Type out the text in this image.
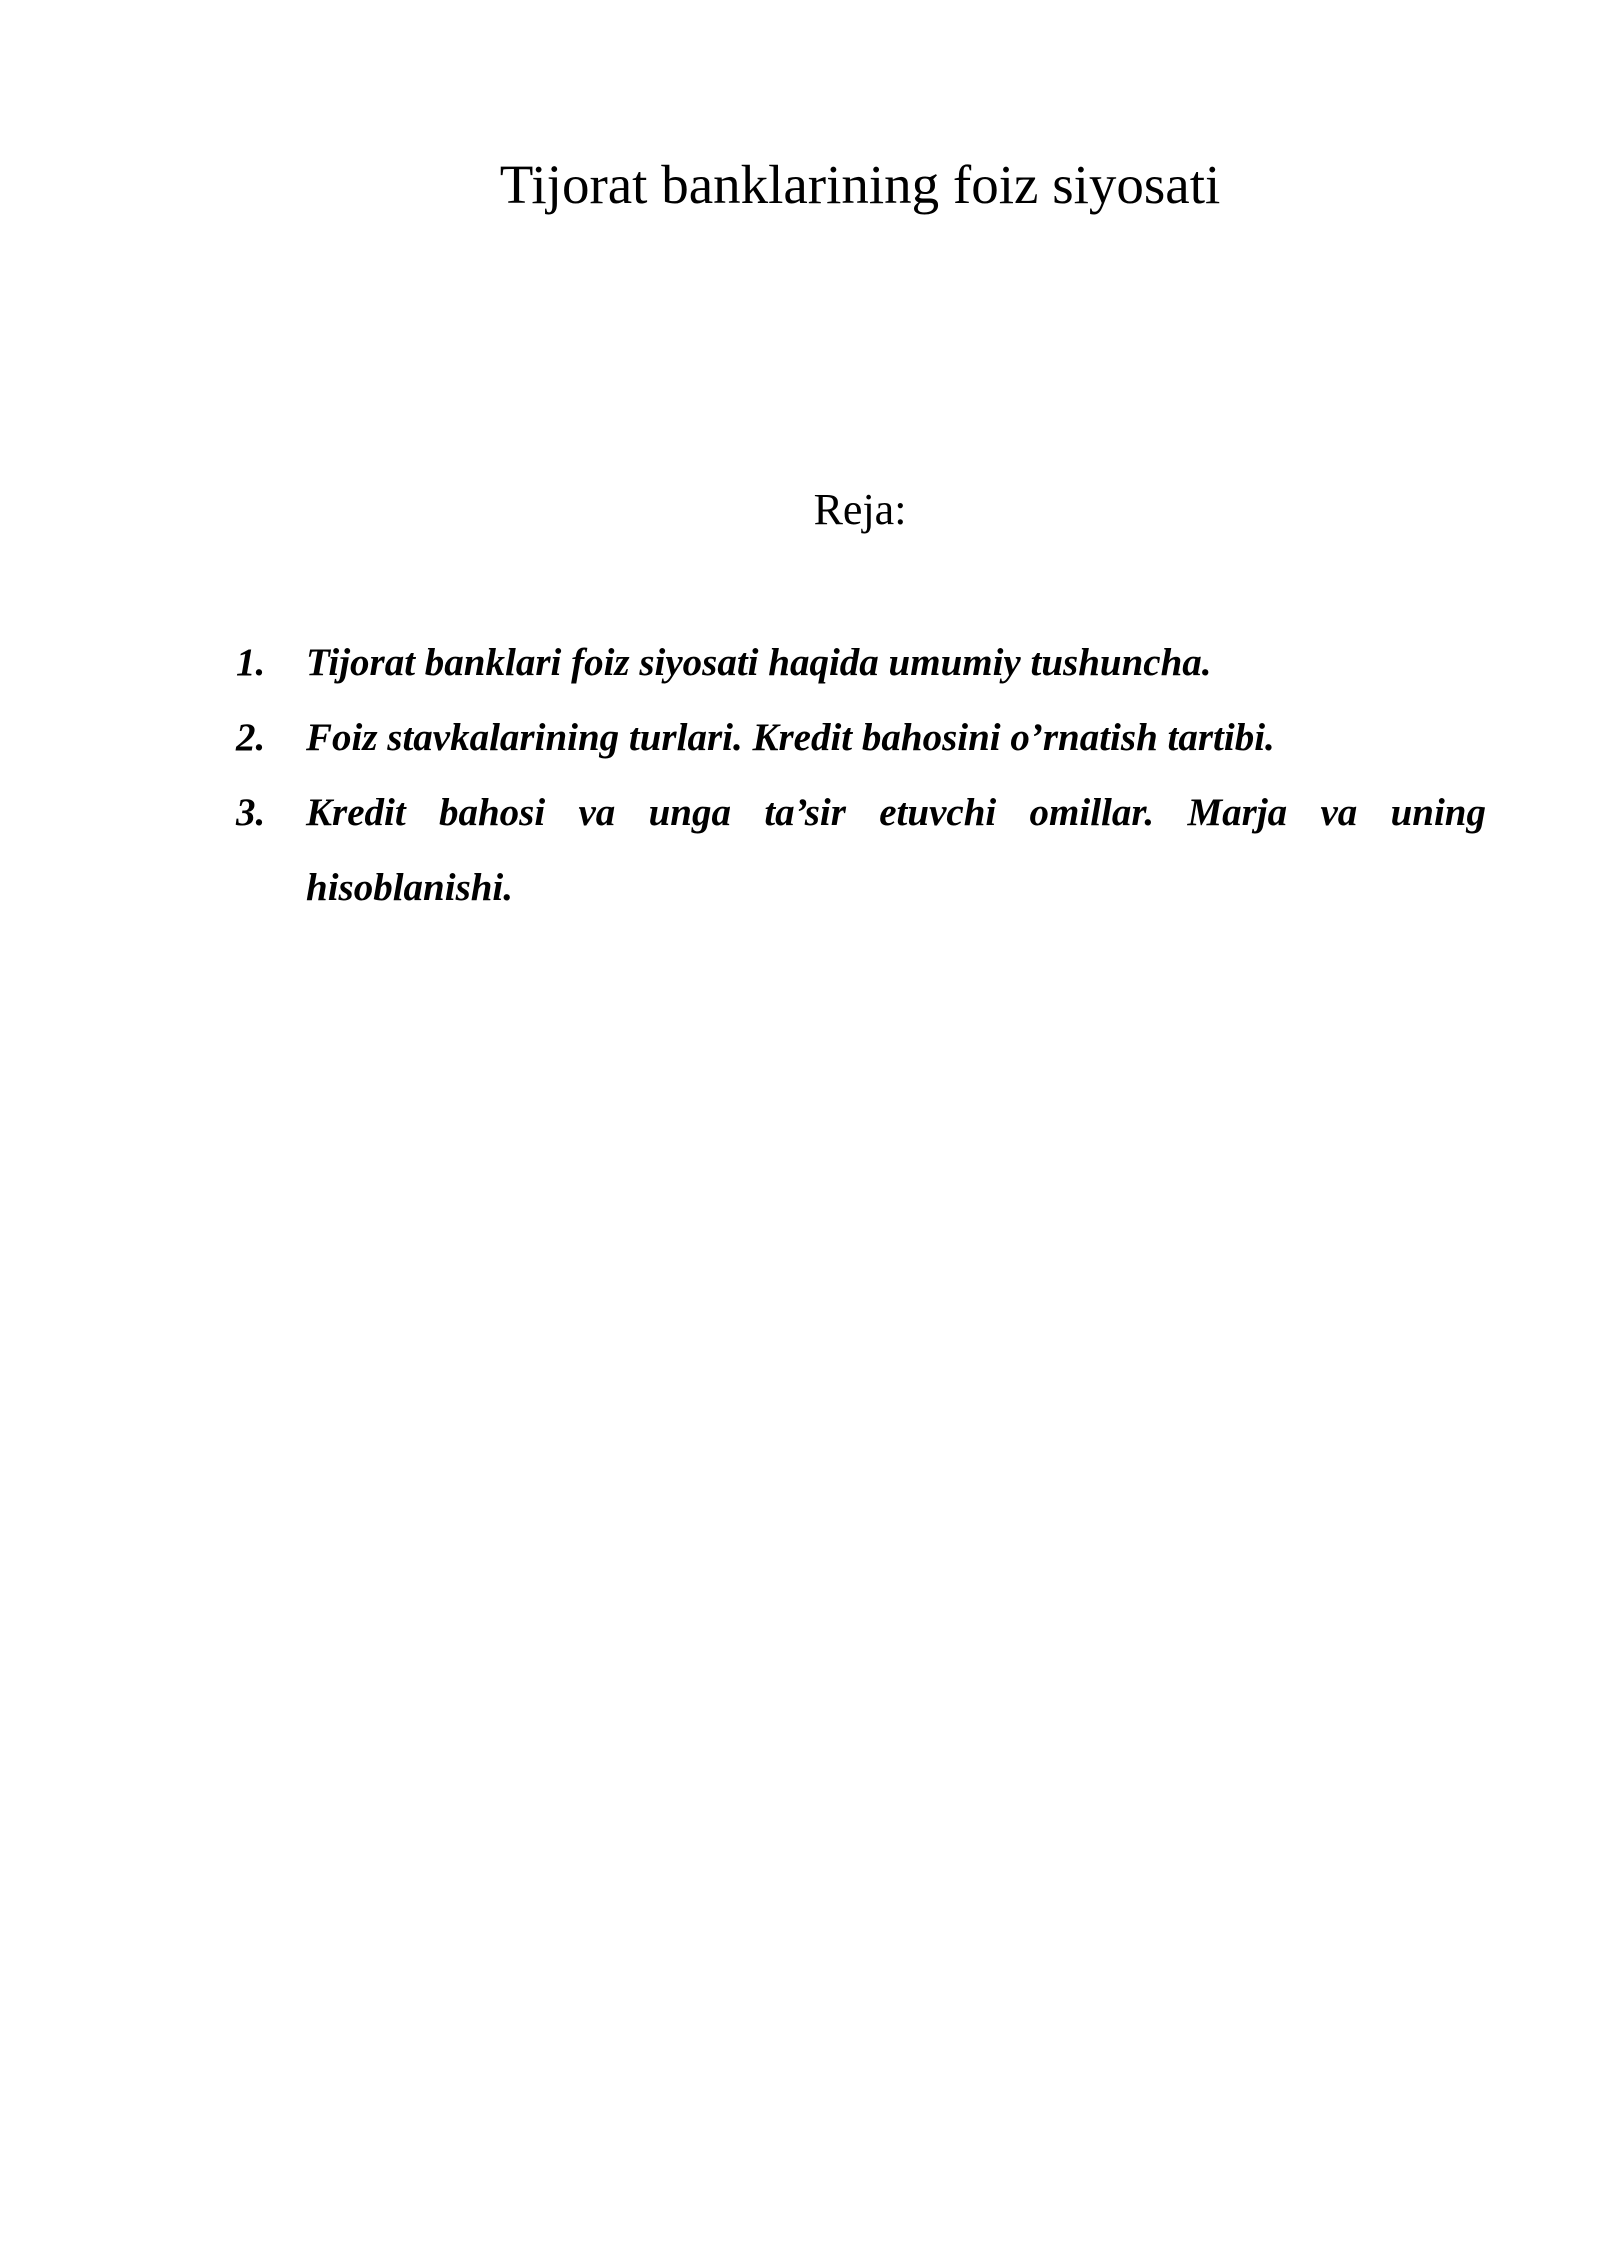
Tijorat banklarining foiz siyosati
Reja:
1.	Tijorat banklari foiz siyosati haqida umumiy tushuncha.
2.	Foiz stavkalarining turlari. Kredit bahosini o’rnatish tartibi.
3.	Kredit bahosi va unga ta’sir etuvchi omillar. Marja va uning hisoblanishi.
